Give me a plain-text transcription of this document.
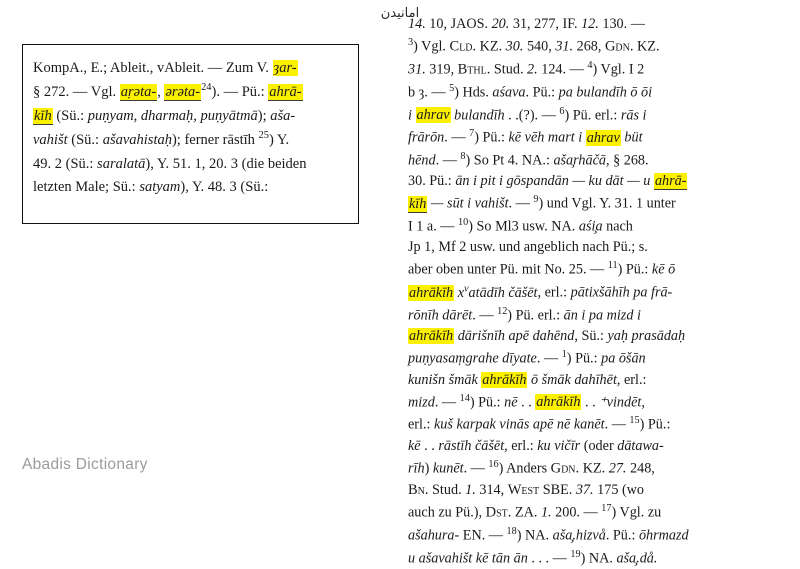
امانیدن
KompA., E.; Ableit., vAbleit. — Zum V. ȝar-
§ 272. — Vgl. aṛəta-, ərəta-$^{24}$). — Pü.: ahrā-
kīh (Sü.: puṇyam, dharmaḥ, puṇyātmā); aša-
vahišt (Sü.: ašavahistaḥ); ferner rāstīh $^{25}$) Y.
49. 2 (Sü.: saralatā), Y. 51. 1, 20. 3 (die beiden
letzten Male; Sü.: satyam), Y. 48. 3 (Sü.:
14. 10, JAOS. 20. 31, 277, IF. 12. 130. —
$^3$) Vgl. Cld. KZ. 30. 540, 31. 268, Gdn. KZ.
31. 319, Bthl. Stud. 2. 124. — $^4$) Vgl. I 2
b ȝ. — $^5$) Hds. aśava. Pü.: pa bulandīh ō ōi
i ahrav bulandīh . .(?). — $^6$) Pü. erl.: rās i
frārōn. — $^7$) Pü.: kē vēh mart i ahrav büt
hēnd. — $^8$) So Pt 4. NA.: aša̧rhāčā, § 268.
30. Pü.: ān i pit i gōspandān — ku dāt — u ahrā-
kīh — sūt i vahišt. — $^9$) und Vgl. Y. 31. 1 unter
I 1 a. — $^{10}$) So Ml3 usw. NA. aśi̧a nach
Jp 1, Mf 2 usw. und angeblich nach Pü.; s.
aber oben unter Pü. mit No. 25. — $^{11}$) Pü.: kē ō
ahrākīh $x^vatādīh$ čāšēt, erl.: pātixšāhīh pa frā-
rōnīh dārēt. — $^{12}$) Pü. erl.: ān i pa mizd i
ahrākīh dārišnīh apē dahēnd, Sü.: yaḥ prasādaḥ
puṇyasaṃgrahe dīyate. — $^1$) Pü.: pa ōšān
kunišn šmāk ahrākīh ō šmāk dahīhēt, erl.:
mizd. — $^{14}$) Pü.: nē . . ahrākīh . . ⁺vindēt,
erl.: kuš karpak vinās apē nē kanēt. — $^{15}$) Pü.:
kē . . rāstīh čāšēt, erl.: ku vičīr (oder dātawa-
rīh) kunēt. — $^{16}$) Anders Gdn. KZ. 27. 248,
Bn. Stud. 1. 314, West SBE. 37. 175 (wo
auch zu Pü.), Dst. ZA. 1. 200. — $^{17}$) Vgl. zu
ašahura- EN. — $^{18}$) NA. aša̧.hizvå. Pü.: ōhrmazd
u ašavahišt kē tān ān . . . — $^{19}$) NA. aša̧.då.
Abadis Dictionary
